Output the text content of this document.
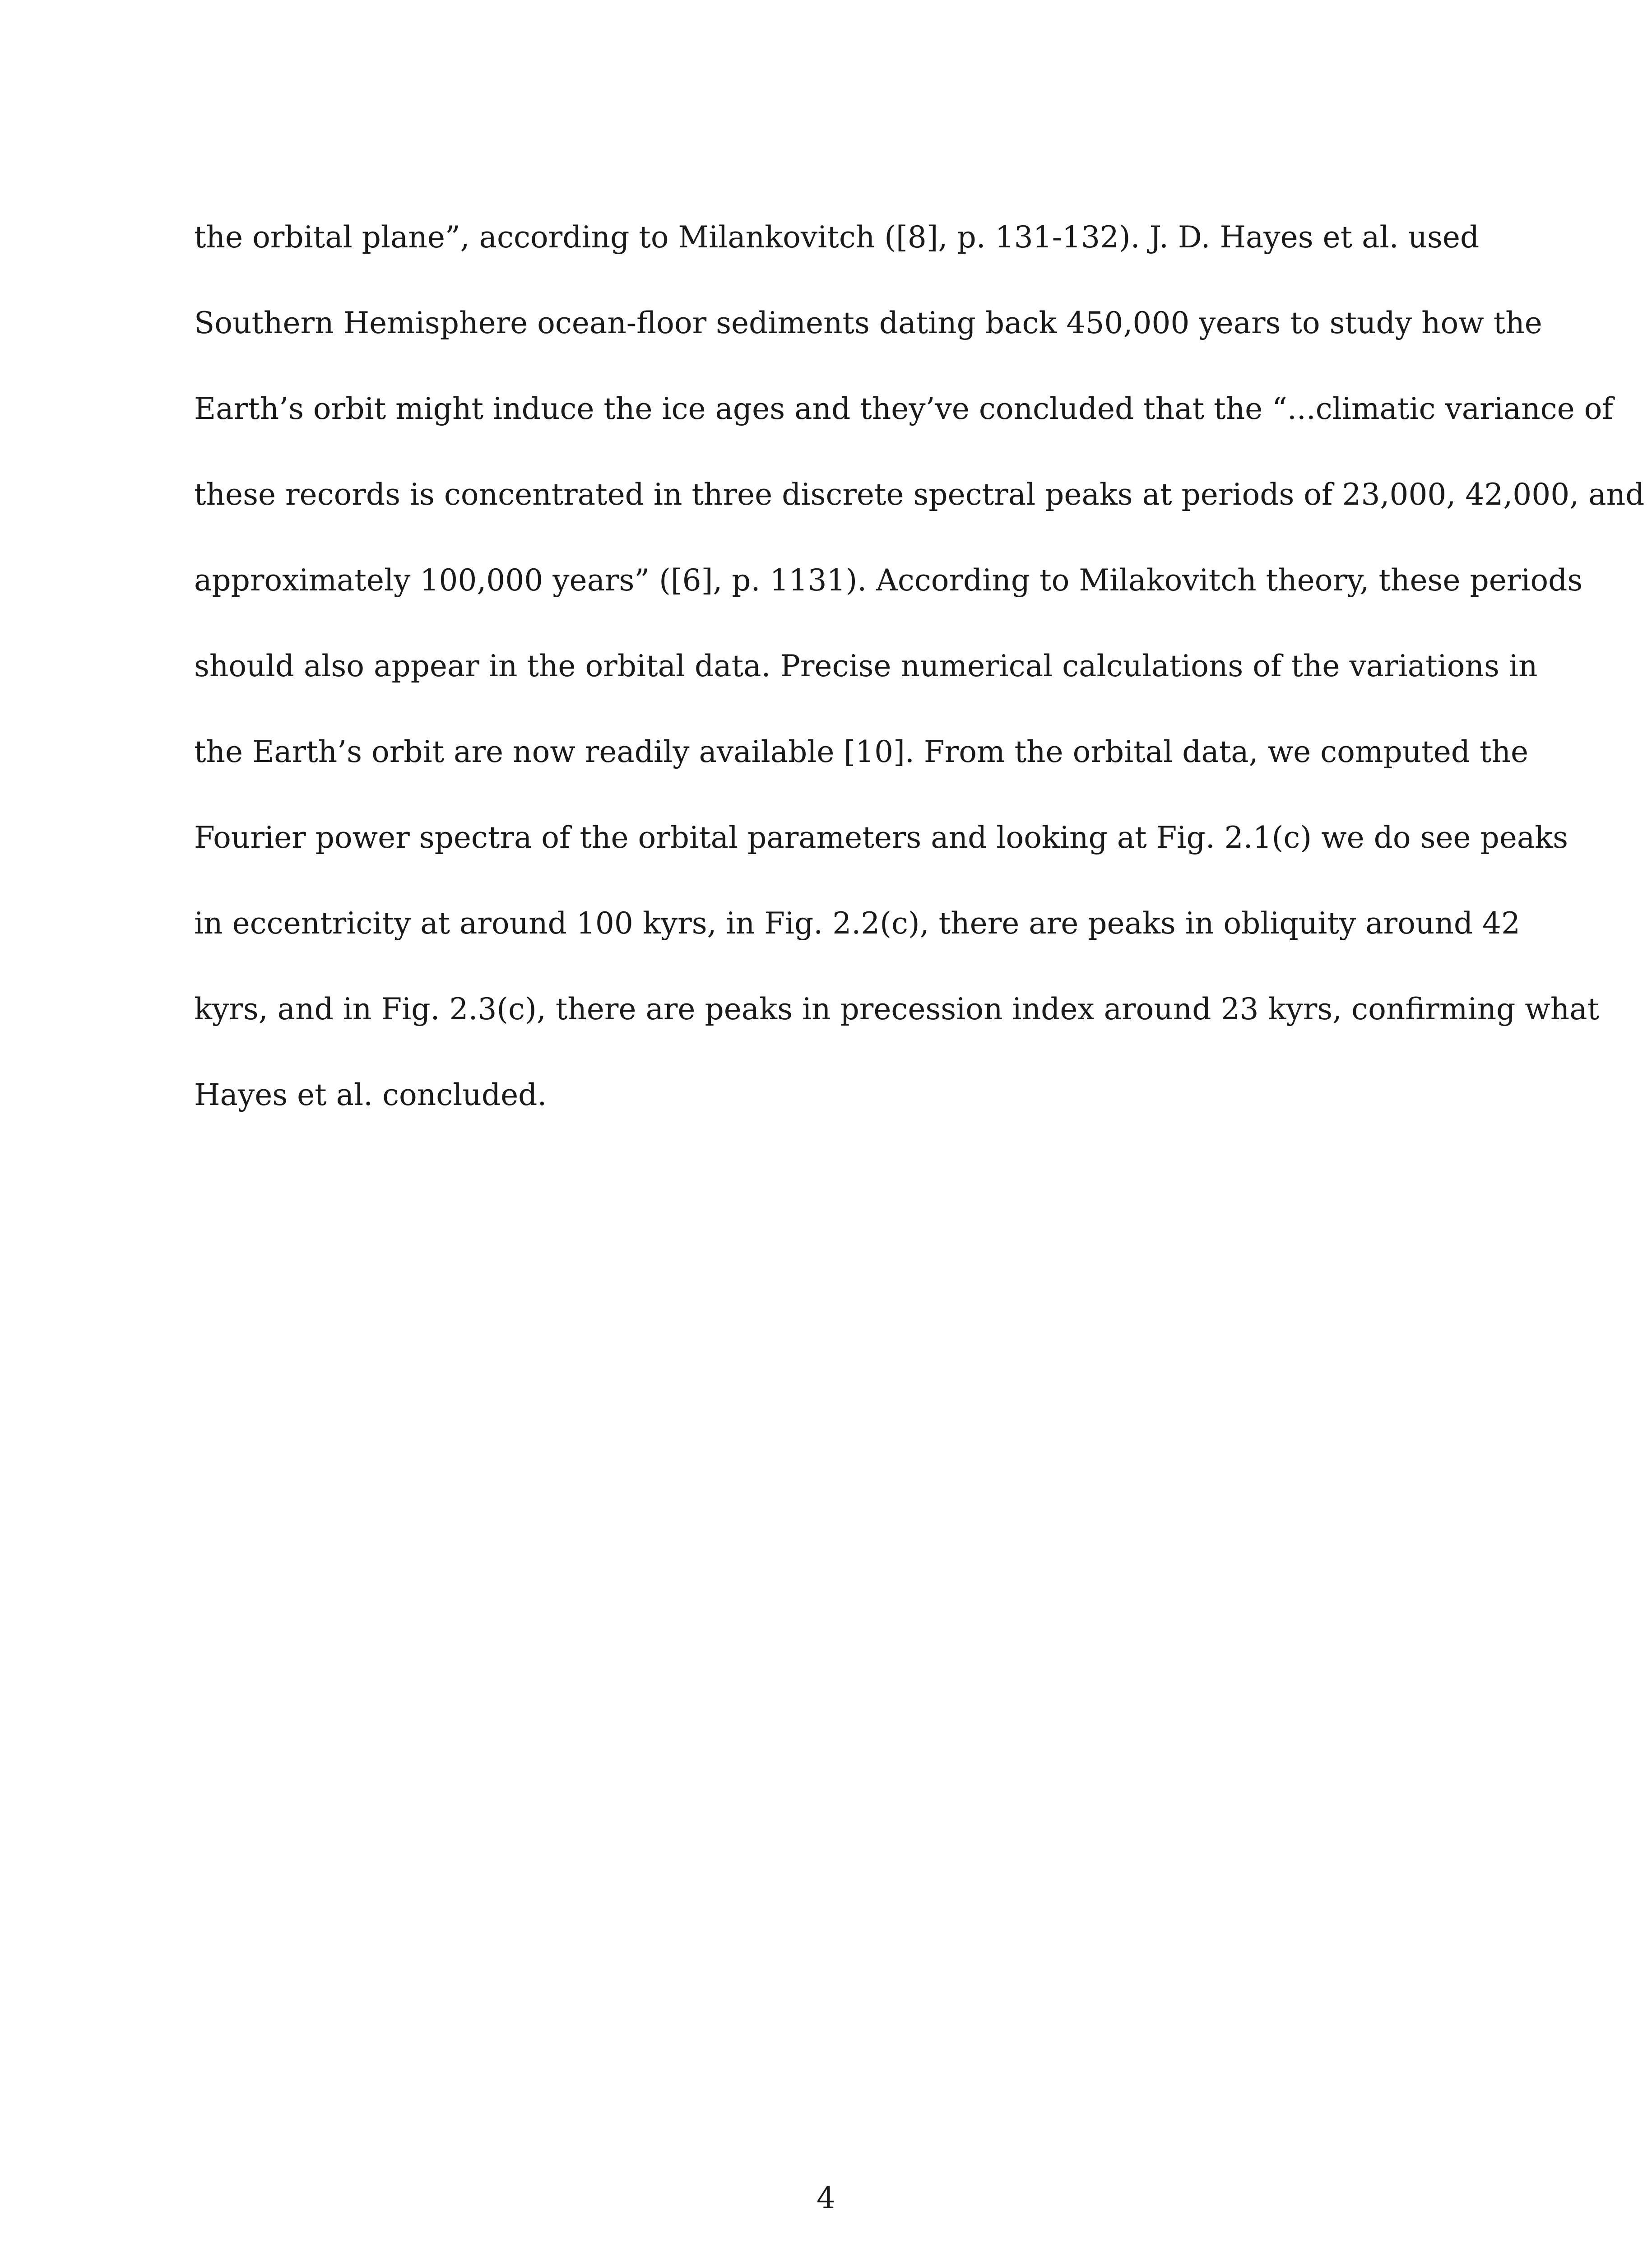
the orbital plane”, according to Milankovitch ([8], p. 131-132). J. D. Hayes et al. used
Southern Hemisphere ocean-floor sediments dating back 450,000 years to study how the
Earth’s orbit might induce the ice ages and they’ve concluded that the “...climatic variance of
these records is concentrated in three discrete spectral peaks at periods of 23,000, 42,000, and
approximately 100,000 years” ([6], p. 1131). According to Milakovitch theory, these periods
should also appear in the orbital data. Precise numerical calculations of the variations in
the Earth’s orbit are now readily available [10]. From the orbital data, we computed the
Fourier power spectra of the orbital parameters and looking at Fig. 2.1(c) we do see peaks
in eccentricity at around 100 kyrs, in Fig. 2.2(c), there are peaks in obliquity around 42
kyrs, and in Fig. 2.3(c), there are peaks in precession index around 23 kyrs, confirming what
Hayes et al. concluded.
4
